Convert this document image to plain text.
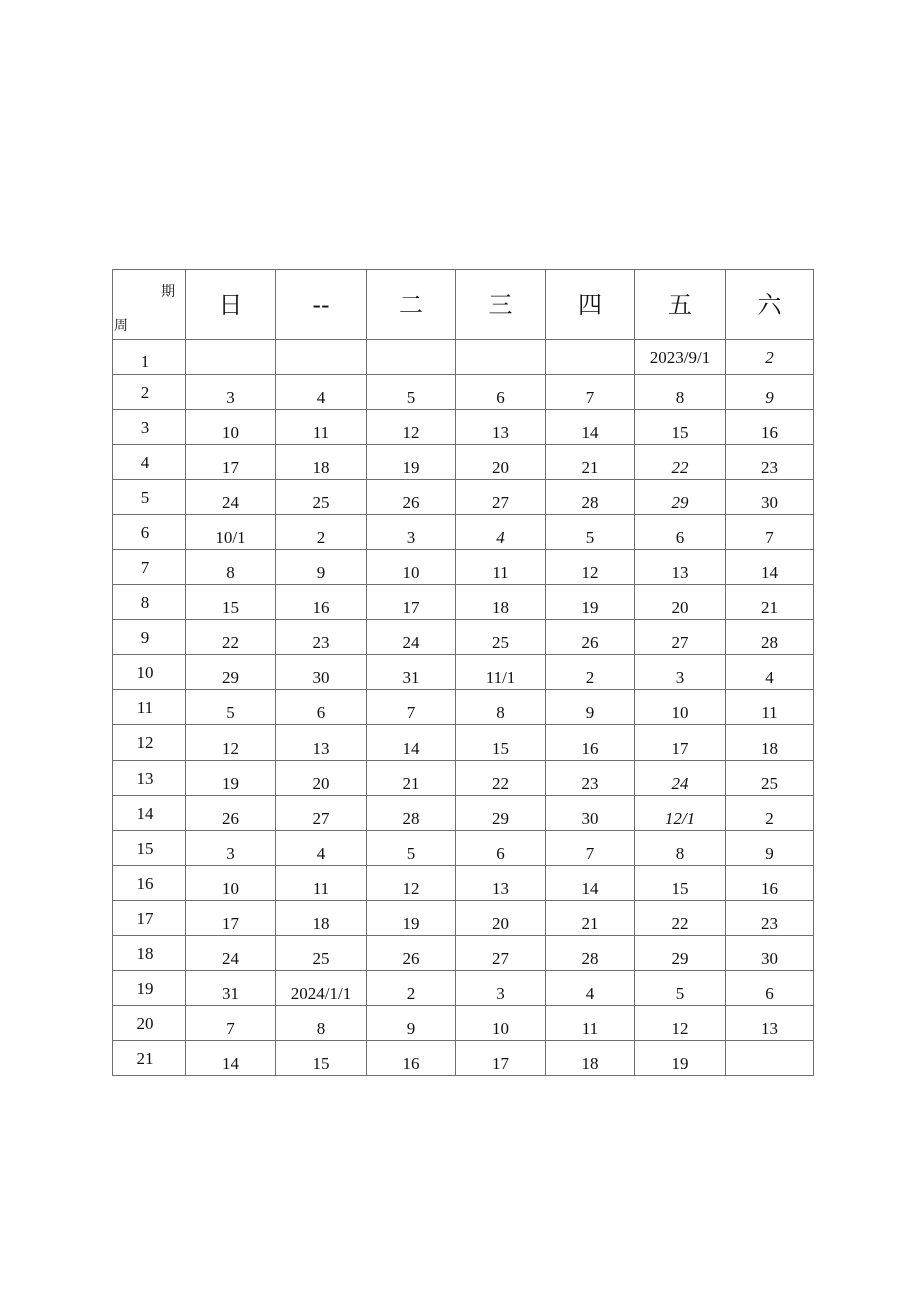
期
周	日	--	二	三	四	五	六
1						2023/9/1	2
2	3	4	5	6	7	8	9
3	10	11	12	13	14	15	16
4	17	18	19	20	21	22	23
5	24	25	26	27	28	29	30
6	10/1	2	3	4	5	6	7
7	8	9	10	11	12	13	14
8	15	16	17	18	19	20	21
9	22	23	24	25	26	27	28
10	29	30	31	11/1	2	3	4
11	5	6	7	8	9	10	11
12	12	13	14	15	16	17	18
13	19	20	21	22	23	24	25
14	26	27	28	29	30	12/1	2
15	3	4	5	6	7	8	9
16	10	11	12	13	14	15	16
17	17	18	19	20	21	22	23
18	24	25	26	27	28	29	30
19	31	2024/1/1	2	3	4	5	6
20	7	8	9	10	11	12	13
21	14	15	16	17	18	19	
